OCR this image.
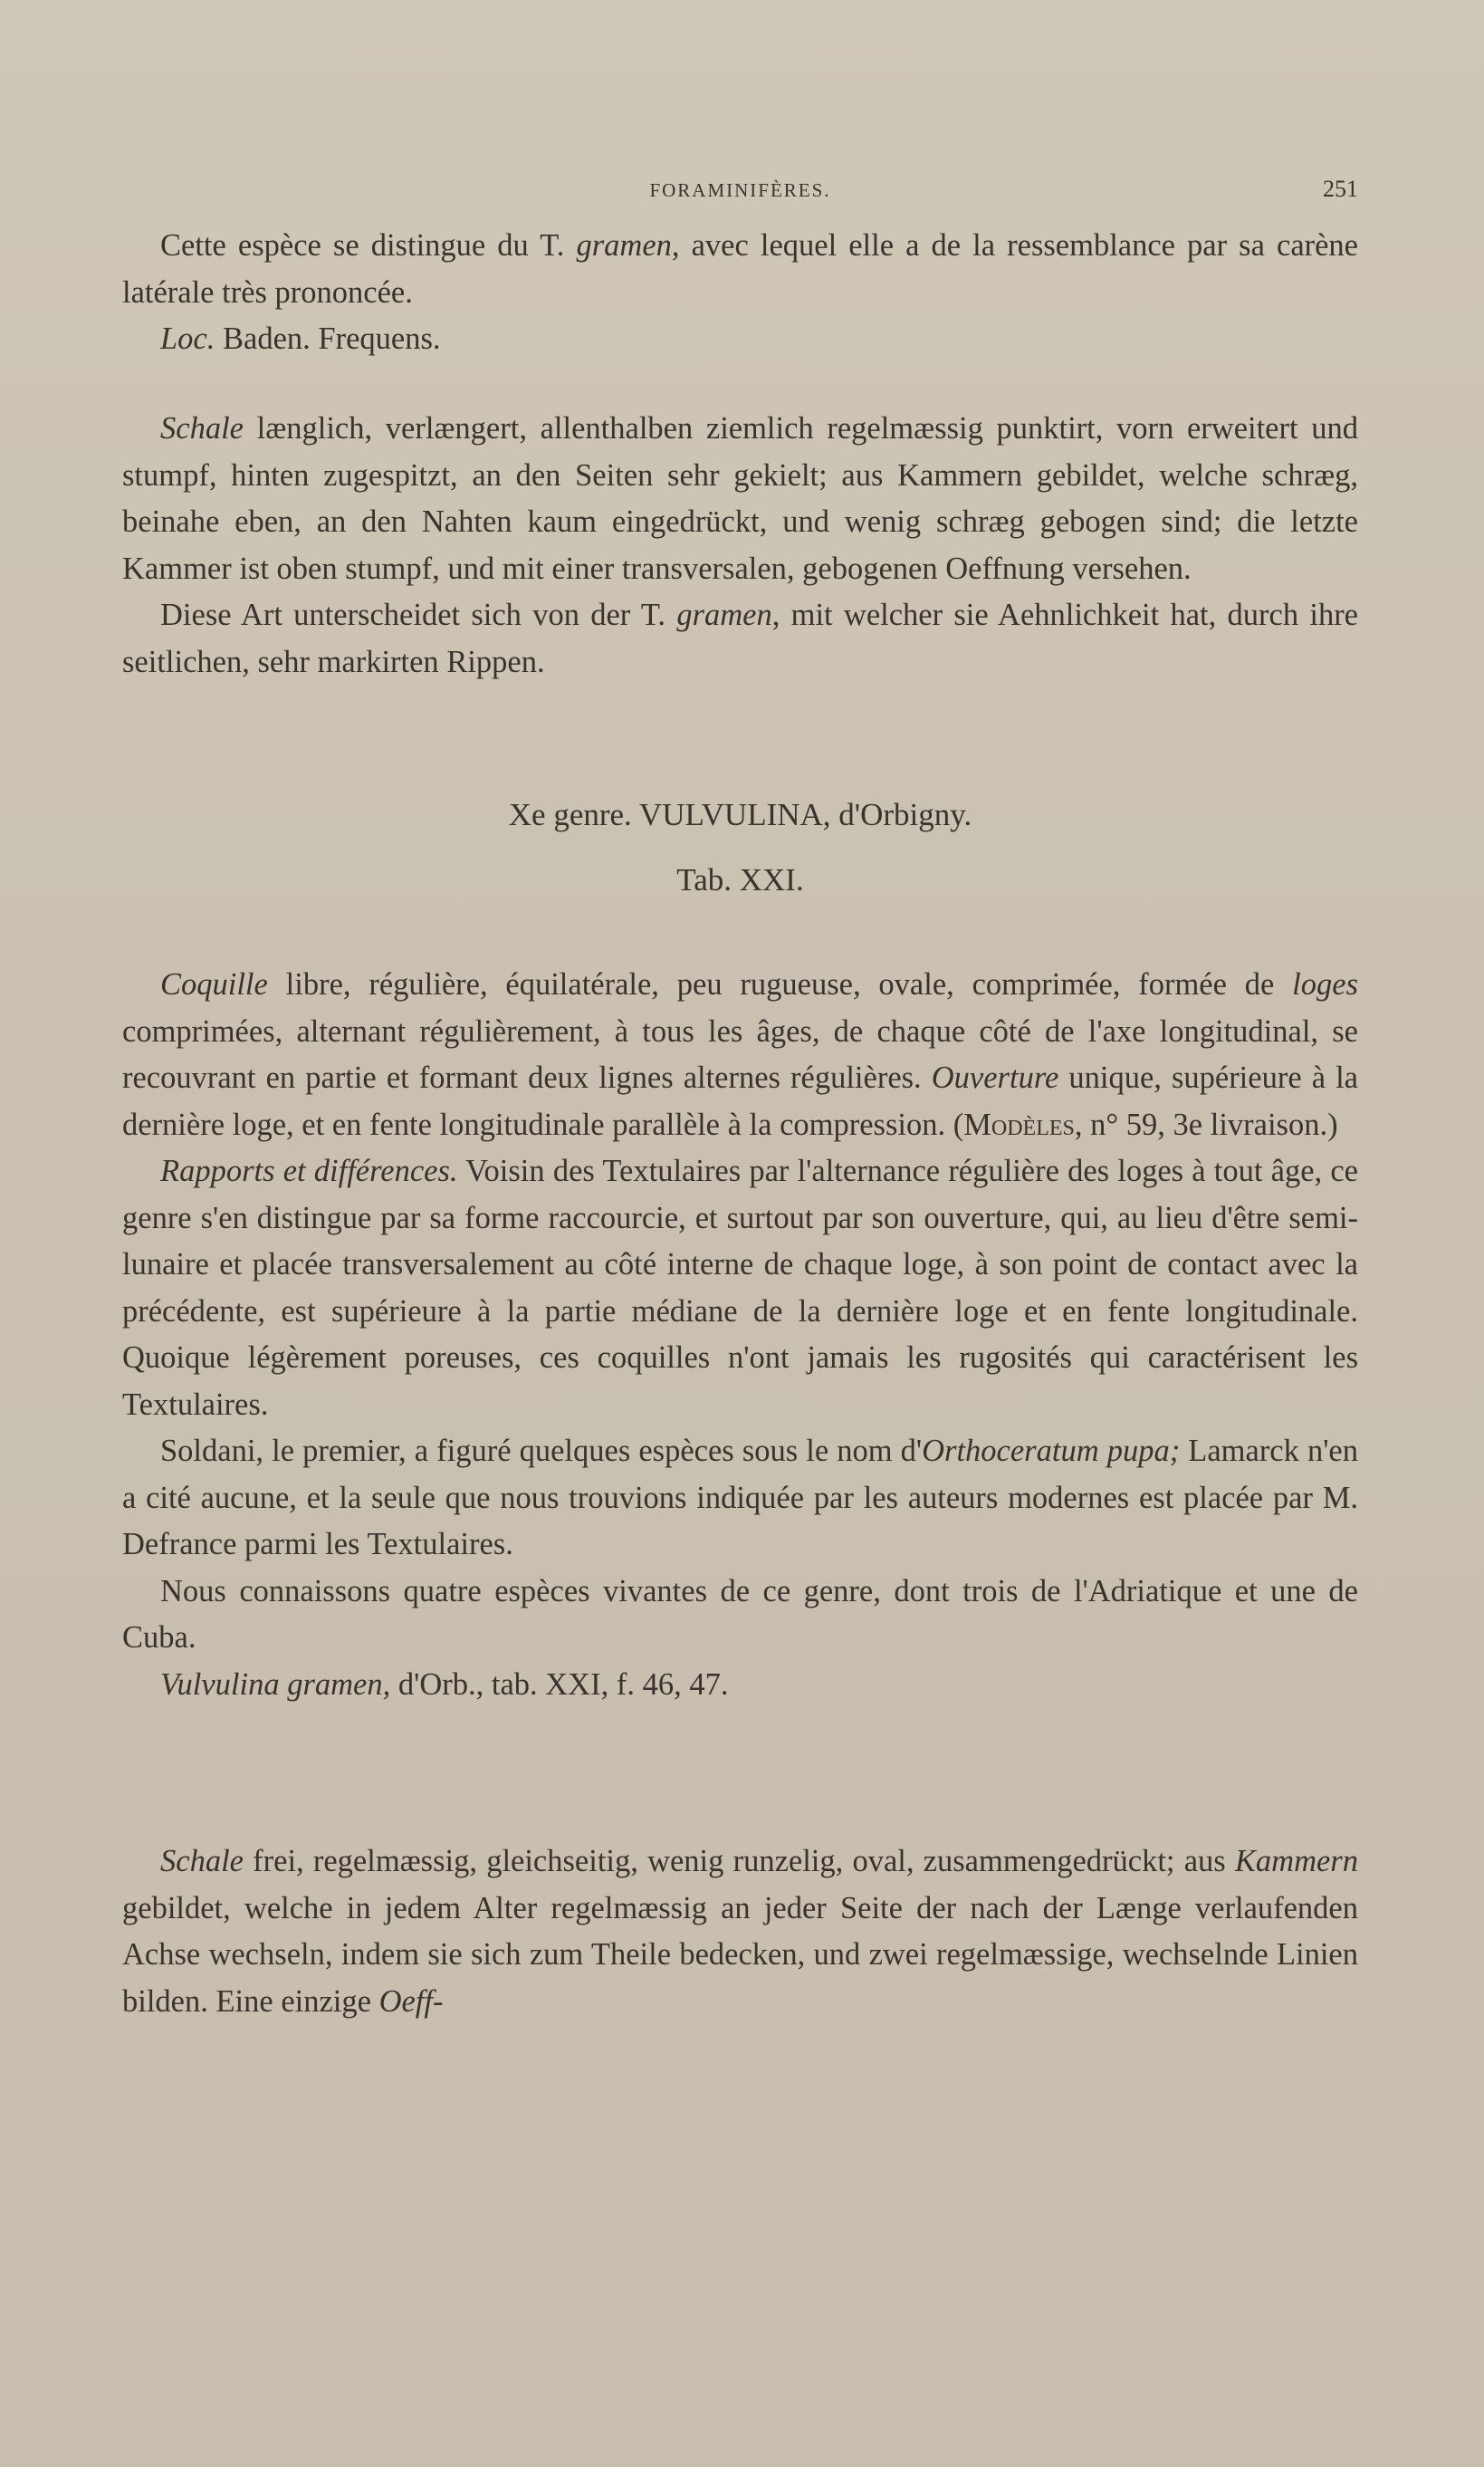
FORAMINIFÈRES.	251

Cette espèce se distingue du T. gramen, avec lequel elle a de la ressemblance par sa carène latérale très prononcée.

Loc. Baden. Frequens.

Schale længlich, verlængert, allenthalben ziemlich regelmæssig punktirt, vorn erweitert und stumpf, hinten zugespitzt, an den Seiten sehr gekielt; aus Kammern gebildet, welche schræg, beinahe eben, an den Nahten kaum eingedrückt, und wenig schræg gebogen sind; die letzte Kammer ist oben stumpf, und mit einer transversalen, gebogenen Oeffnung versehen.

Diese Art unterscheidet sich von der T. gramen, mit welcher sie Aehnlichkeit hat, durch ihre seitlichen, sehr markirten Rippen.

Xe genre. VULVULINA, d'Orbigny.
Tab. XXI.

Coquille libre, régulière, équilatérale, peu rugueuse, ovale, comprimée, formée de loges comprimées, alternant régulièrement, à tous les âges, de chaque côté de l'axe longitudinal, se recouvrant en partie et formant deux lignes alternes régulières. Ouverture unique, supérieure à la dernière loge, et en fente longitudinale parallèle à la compression. (Modèles, n° 59, 3e livraison.)

Rapports et différences. Voisin des Textulaires par l'alternance régulière des loges à tout âge, ce genre s'en distingue par sa forme raccourcie, et surtout par son ouverture, qui, au lieu d'être semi-lunaire et placée transversalement au côté interne de chaque loge, à son point de contact avec la précédente, est supérieure à la partie médiane de la dernière loge et en fente longitudinale. Quoique légèrement poreuses, ces coquilles n'ont jamais les rugosités qui caractérisent les Textulaires.

Soldani, le premier, a figuré quelques espèces sous le nom d'Orthoceratum pupa; Lamarck n'en a cité aucune, et la seule que nous trouvions indiquée par les auteurs modernes est placée par M. Defrance parmi les Textulaires.

Nous connaissons quatre espèces vivantes de ce genre, dont trois de l'Adriatique et une de Cuba.

Vulvulina gramen, d'Orb., tab. XXI, f. 46, 47.

Schale frei, regelmæssig, gleichseitig, wenig runzelig, oval, zusammengedrückt; aus Kammern gebildet, welche in jedem Alter regelmæssig an jeder Seite der nach der Længe verlaufenden Achse wechseln, indem sie sich zum Theile bedecken, und zwei regelmæssige, wechselnde Linien bilden. Eine einzige Oeff-
